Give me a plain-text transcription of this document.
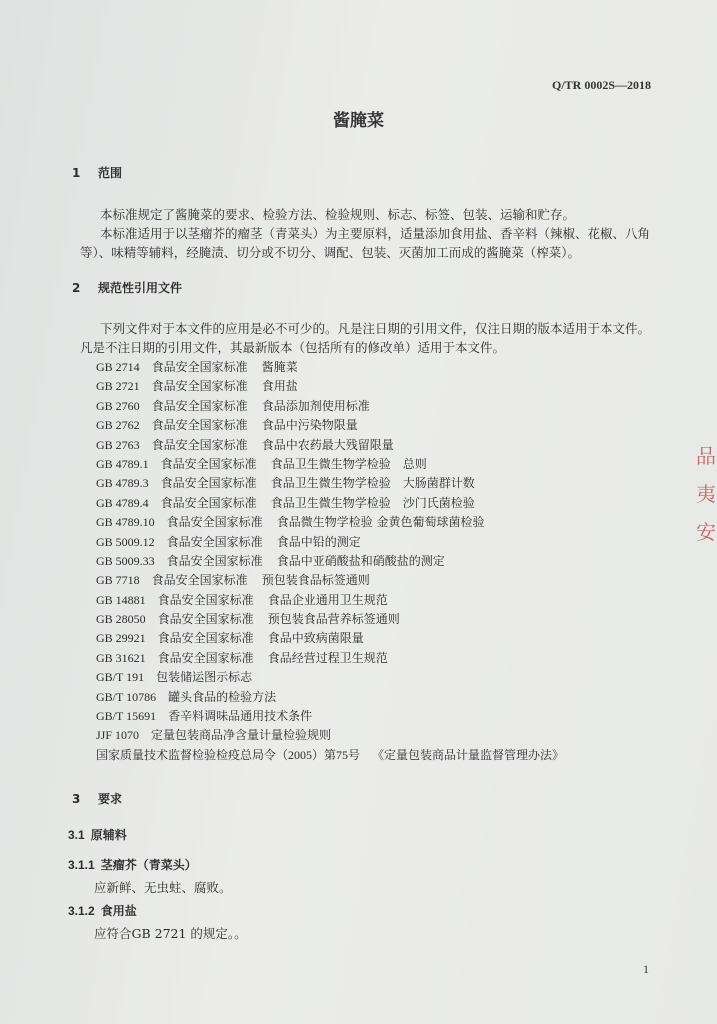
Q/TR 0002S—2018
酱腌菜
1 范围
本标准规定了酱腌菜的要求、检验方法、检验规则、标志、标签、包装、运输和贮存。
本标准适用于以茎瘤芥的瘤茎（青菜头）为主要原料，适量添加食用盐、香辛料（辣椒、花椒、八角等）、味精等辅料，经腌渍、切分或不切分、调配、包装、灭菌加工而成的酱腌菜（榨菜）。
2 规范性引用文件
下列文件对于本文件的应用是必不可少的。凡是注日期的引用文件，仅注日期的版本适用于本文件。凡是不注日期的引用文件，其最新版本（包括所有的修改单）适用于本文件。
GB 2714 食品安全国家标准 酱腌菜
GB 2721 食品安全国家标准 食用盐
GB 2760 食品安全国家标准 食品添加剂使用标准
GB 2762 食品安全国家标准 食品中污染物限量
GB 2763 食品安全国家标准 食品中农药最大残留限量
GB 4789.1 食品安全国家标准 食品卫生微生物学检验　总则
GB 4789.3 食品安全国家标准 食品卫生微生物学检验　大肠菌群计数
GB 4789.4 食品安全国家标准 食品卫生微生物学检验　沙门氏菌检验
GB 4789.10 食品安全国家标准 食品微生物学检验 金黄色葡萄球菌检验
GB 5009.12 食品安全国家标准 食品中铅的测定
GB 5009.33 食品安全国家标准 食品中亚硝酸盐和硝酸盐的测定
GB 7718 食品安全国家标准 预包装食品标签通则
GB 14881 食品安全国家标准 食品企业通用卫生规范
GB 28050 食品安全国家标准 预包装食品营养标签通则
GB 29921 食品安全国家标准 食品中致病菌限量
GB 31621 食品安全国家标准 食品经营过程卫生规范
GB/T 191 包装储运图示标志
GB/T 10786 罐头食品的检验方法
GB/T 15691 香辛料调味品通用技术条件
JJF 1070 定量包装商品净含量计量检验规则
国家质量技术监督检验检疫总局令（2005）第75号 《定量包装商品计量监督管理办法》
3 要求
3.1 原辅料
3.1.1 茎瘤芥（青菜头）
应新鲜、无虫蛀、腐败。
3.1.2 食用盐
应符合GB 2721 的规定。。
1
品
夷
安
